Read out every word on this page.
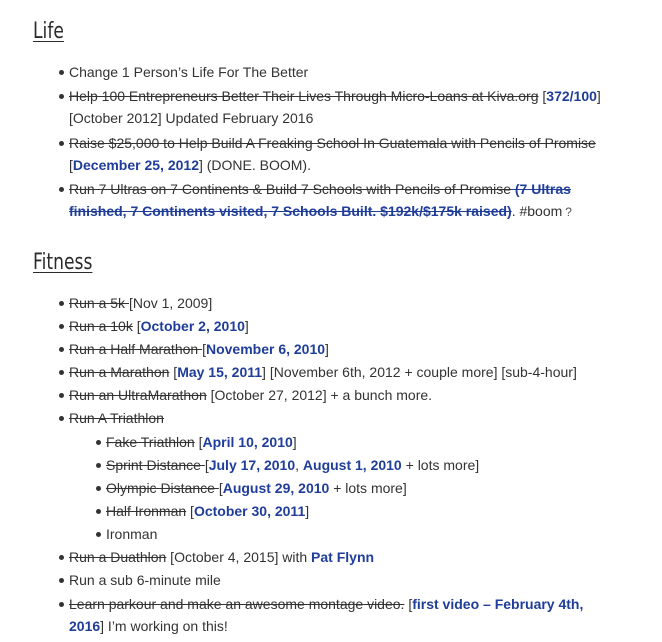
Life
Change 1 Person’s Life For The Better
Help 100 Entrepreneurs Better Their Lives Through Micro-Loans at Kiva.org [372/100]
[October 2012] Updated February 2016
Raise $25,000 to Help Build A Freaking School In Guatemala with Pencils of Promise
[December 25, 2012] (DONE. BOOM).
Run 7 Ultras on 7 Continents & Build 7 Schools with Pencils of Promise (7 Ultras
finished, 7 Continents visited, 7 Schools Built. $192k/$175k raised). #boom ?
Fitness
Run a 5k [Nov 1, 2009]
Run a 10k [October 2, 2010]
Run a Half Marathon [November 6, 2010]
Run a Marathon [May 15, 2011] [November 6th, 2012 + couple more] [sub-4-hour]
Run an UltraMarathon [October 27, 2012] + a bunch more.
Run A Triathlon
Fake Triathlon [April 10, 2010]
Sprint Distance [July 17, 2010, August 1, 2010 + lots more]
Olympic Distance [August 29, 2010 + lots more]
Half Ironman [October 30, 2011]
Ironman
Run a Duathlon [October 4, 2015] with Pat Flynn
Run a sub 6-minute mile
Learn parkour and make an awesome montage video. [first video – February 4th,
2016] I’m working on this!
